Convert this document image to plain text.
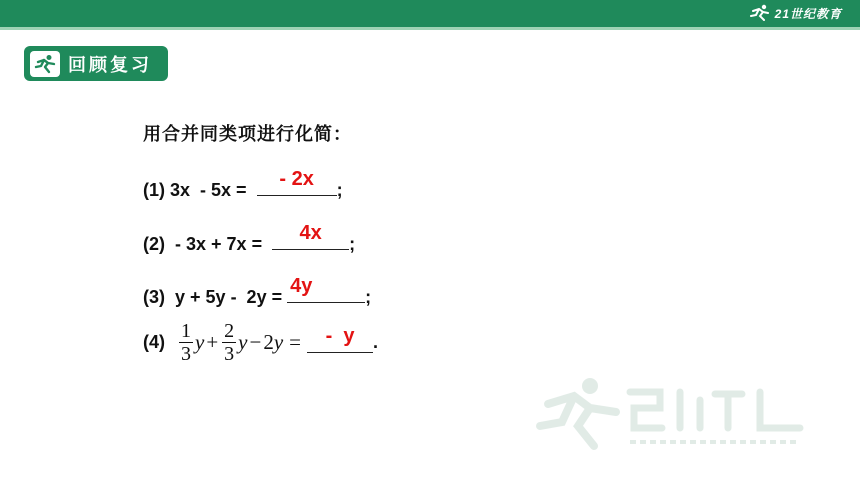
21世纪教育
回顾复习
用合并同类项进行化简：
(1) 3x  - 5x =	- 2x	;
(2)  - 3x + 7x =	4x	;
(3)  y + 5y -  2y = 4y	;
$(4) \frac{1}{3}$ $y + \frac{2}{3}$ y − 2 y =	-  y	.
